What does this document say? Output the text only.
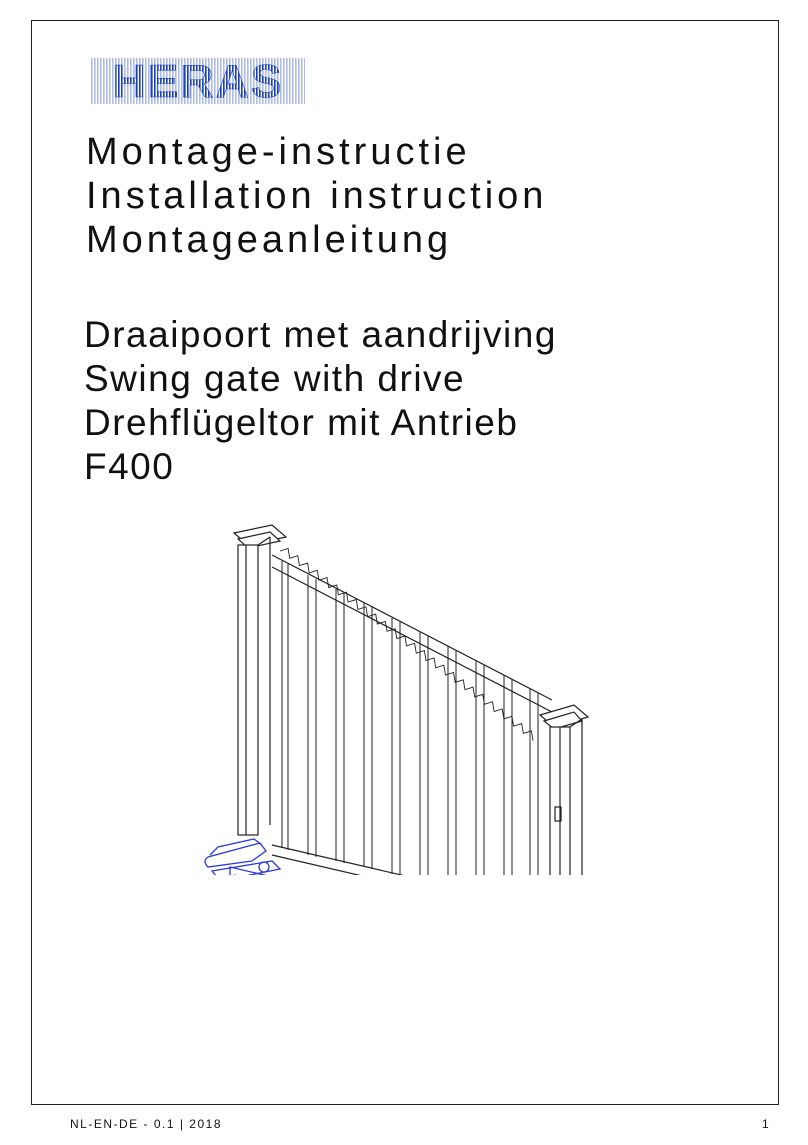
HERAS

Montage-instructie

Installation instruction

Montageanleitung

Draaipoort met aandrijving

Swing gate with drive

Drehflügeltor mit Antrieb

F400

NL-EN-DE - 0.1 | 2018	1
